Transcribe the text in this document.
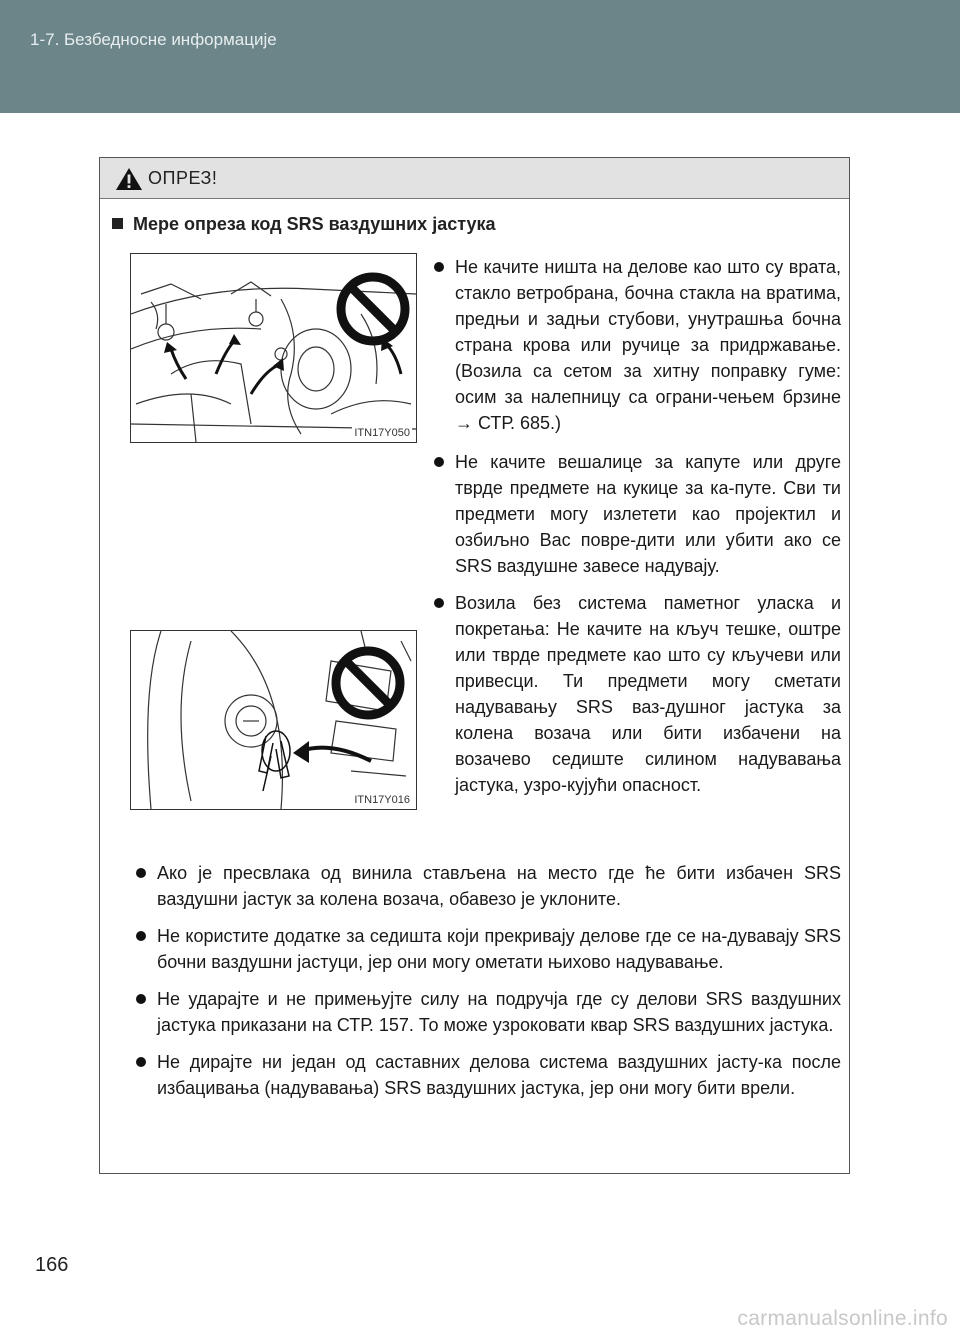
1-7. Безбедносне информације
ОПРЕЗ!
Мере опреза код SRS ваздушних јастука
ITN17Y050
ITN17Y016
Не качите ништа на делове као што су врата, стакло ветробрана, бочна стакла на вратима, предњи и задњи стубови, унутрашња бочна страна крова или ручице за придржавање. (Возила са сетом за хитну поправку гуме: осим за налепницу са ограни-чењем брзине → СТР. 685.)
Не качите вешалице за капуте или друге тврде предмете на кукице за ка-путе. Сви ти предмети могу излетети као пројектил и озбиљно Вас повре-дити или убити ако се SRS ваздушне завесе надувају.
Возила без система паметног уласка и покретања: Не качите на кључ тешке, оштре или тврде предмете као што су кључеви или привесци. Ти предмети могу сметати надувавању SRS ваз-душног јастука за колена возача или бити избачени на возачево седиште силином надувавања јастука, узро-кујући опасност.
Ако је пресвлака од винила стављена на место где ће бити избачен SRS ваздушни јастук за колена возача, обавезо је уклоните.
Не користите додатке за седишта који прекривају делове где се на-дувавају SRS бочни ваздушни јастуци, јер они могу ометати њихово надувавање.
Не ударајте и не примењујте силу на подручја где су делови SRS ваздушних јастука приказани на СТР. 157. То може узроковати квар SRS ваздушних јастука.
Не дирајте ни један од саставних делова система ваздушних јасту-ка после избацивања (надувавања) SRS ваздушних јастука, јер они могу бити врели.
166
carmanualsonline.info
